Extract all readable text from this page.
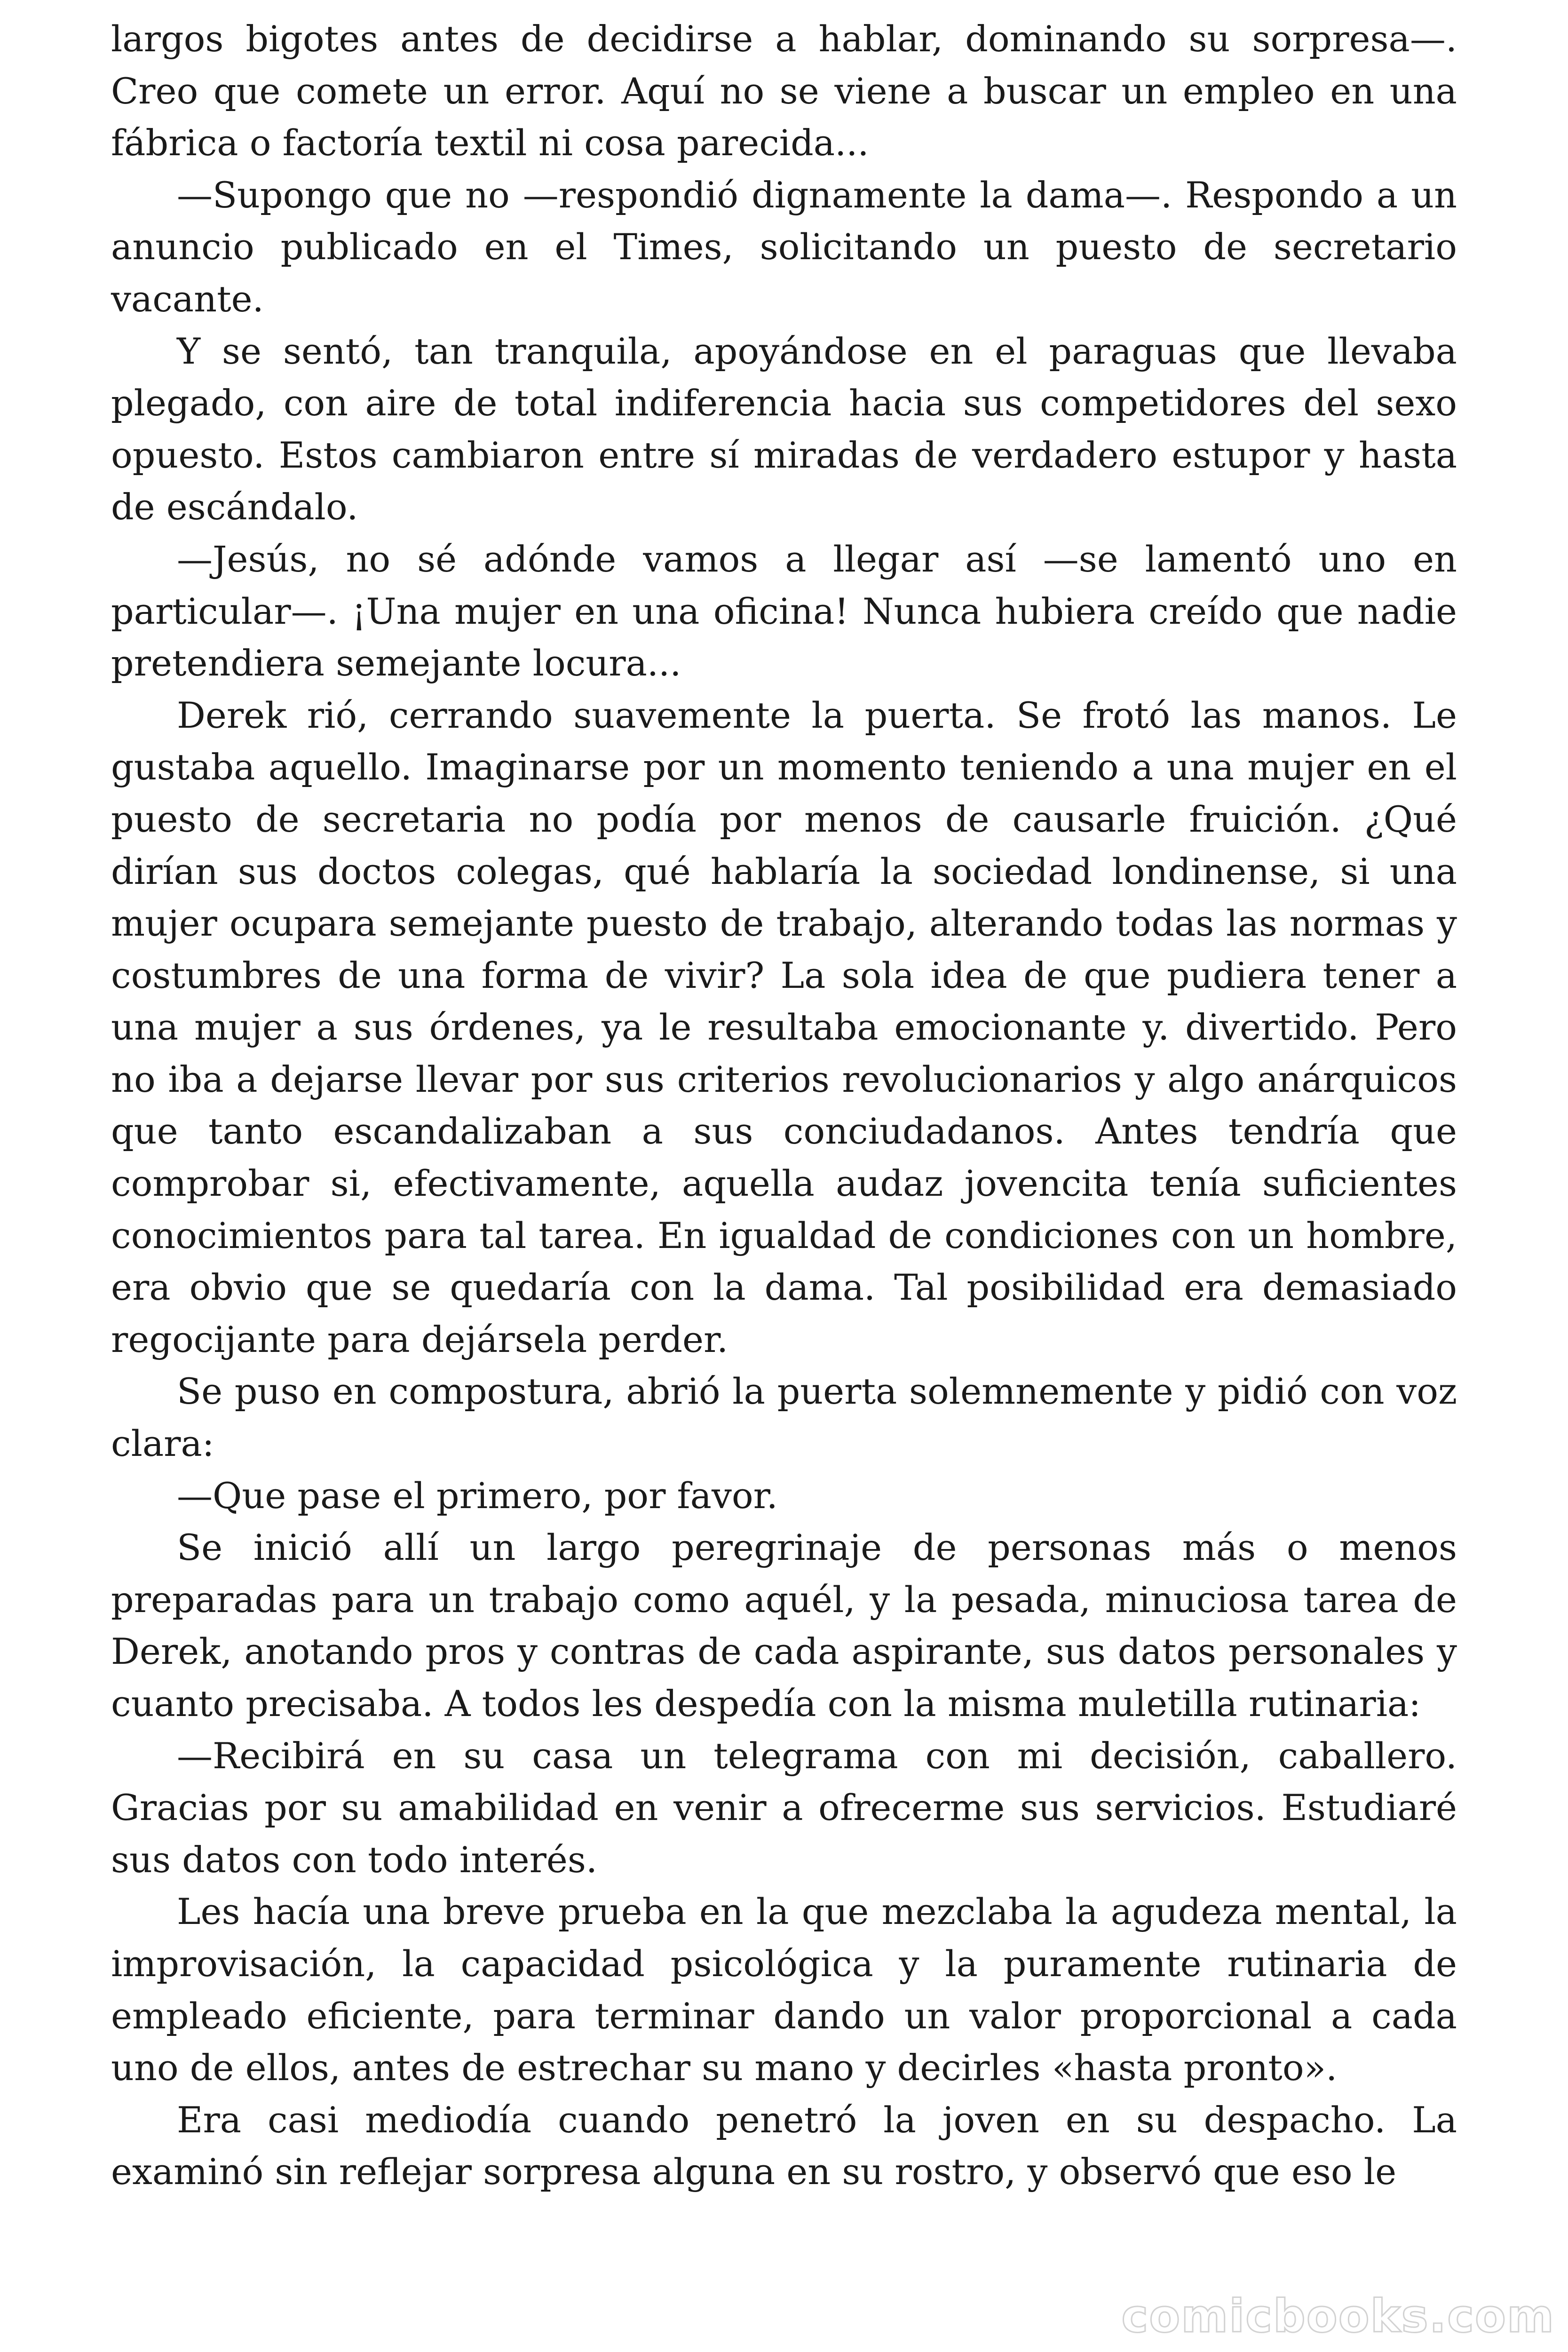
largos bigotes antes de decidirse a hablar, dominando su sorpresa—. Creo que comete un error. Aquí no se viene a buscar un empleo en una fábrica o factoría textil ni cosa parecida...

—Supongo que no —respondió dignamente la dama—. Respondo a un anuncio publicado en el Times, solicitando un puesto de secretario vacante.

Y se sentó, tan tranquila, apoyándose en el paraguas que llevaba plegado, con aire de total indiferencia hacia sus competidores del sexo opuesto. Estos cambiaron entre sí miradas de verdadero estupor y hasta de escándalo.

—Jesús, no sé adónde vamos a llegar así —se lamentó uno en particular—. ¡Una mujer en una oficina! Nunca hubiera creído que nadie pretendiera semejante locura...

Derek rió, cerrando suavemente la puerta. Se frotó las manos. Le gustaba aquello. Imaginarse por un momento teniendo a una mujer en el puesto de secretaria no podía por menos de causarle fruición. ¿Qué dirían sus doctos colegas, qué hablaría la sociedad londinense, si una mujer ocupara semejante puesto de trabajo, alterando todas las normas y costumbres de una forma de vivir? La sola idea de que pudiera tener a una mujer a sus órdenes, ya le resultaba emocionante y. divertido. Pero no iba a dejarse llevar por sus criterios revolucionarios y algo anárquicos que tanto escandalizaban a sus conciudadanos. Antes tendría que comprobar si, efectivamente, aquella audaz jovencita tenía suficientes conocimientos para tal tarea. En igualdad de condiciones con un hombre, era obvio que se quedaría con la dama. Tal posibilidad era demasiado regocijante para dejársela perder.

Se puso en compostura, abrió la puerta solemnemente y pidió con voz clara:

—Que pase el primero, por favor.

Se inició allí un largo peregrinaje de personas más o menos preparadas para un trabajo como aquél, y la pesada, minuciosa tarea de Derek, anotando pros y contras de cada aspirante, sus datos personales y cuanto precisaba. A todos les despedía con la misma muletilla rutinaria:

—Recibirá en su casa un telegrama con mi decisión, caballero. Gracias por su amabilidad en venir a ofrecerme sus servicios. Estudiaré sus datos con todo interés.

Les hacía una breve prueba en la que mezclaba la agudeza mental, la improvisación, la capacidad psicológica y la puramente rutinaria de empleado eficiente, para terminar dando un valor proporcional a cada uno de ellos, antes de estrechar su mano y decirles «hasta pronto».

Era casi mediodía cuando penetró la joven en su despacho. La examinó sin reflejar sorpresa alguna en su rostro, y observó que eso le

comicbooks.com
